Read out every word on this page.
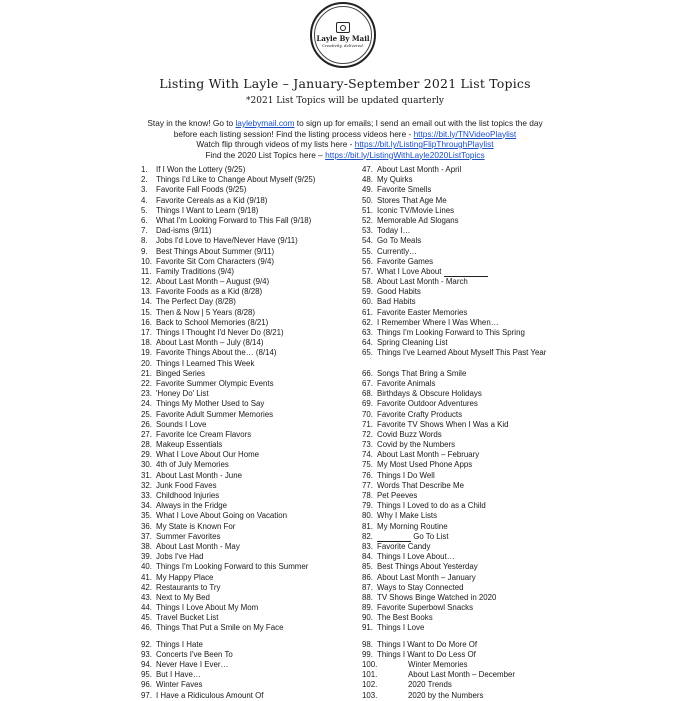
Layle By Mail
Creativity, delivered.
Listing With Layle – January-September 2021 List Topics
*2021 List Topics will be updated quarterly
Stay in the know! Go to laylebymail.com to sign up for emails; I send an email out with the list topics the day
before each listing session! Find the listing process videos here - https://bit.ly/TNVideoPlaylist
Watch flip through videos of my lists here - https://bit.ly/ListingFlipThroughPlaylist
Find the 2020 List Topics here – https://bit.ly/ListingWithLayle2020ListTopics
1.	If I Won the Lottery (9/25)
2.	Things I'd Like to Change About Myself (9/25)
3.	Favorite Fall Foods (9/25)
4.	Favorite Cereals as a Kid (9/18)
5.	Things I Want to Learn (9/18)
6.	What I'm Looking Forward to This Fall (9/18)
7.	Dad-isms (9/11)
8.	Jobs I'd Love to Have/Never Have (9/11)
9.	Best Things About Summer (9/11)
10. Favorite Sit Com Characters (9/4)
11. Family Traditions (9/4)
12. About Last Month – August (9/4)
13. Favorite Foods as a Kid (8/28)
14. The Perfect Day (8/28)
15. Then & Now | 5 Years (8/28)
16. Back to School Memories (8/21)
17. Things I Thought I'd Never Do (8/21)
18. About Last Month – July (8/14)
19. Favorite Things About the… (8/14)
20. Things I Learned This Week
21. Binged Series
22. Favorite Summer Olympic Events
23. 'Honey Do' List
24. Things My Mother Used to Say
25. Favorite Adult Summer Memories
26. Sounds I Love
27. Favorite Ice Cream Flavors
28. Makeup Essentials
29. What I Love About Our Home
30. 4th of July Memories
31. About Last Month - June
32. Junk Food Faves
33. Childhood Injuries
34. Always in the Fridge
35. What I Love About Going on Vacation
36. My State is Known For
37. Summer Favorites
38. About Last Month - May
39. Jobs I've Had
40. Things I'm Looking Forward to this Summer
41. My Happy Place
42. Restaurants to Try
43. Next to My Bed
44. Things I Love About My Mom
45. Travel Bucket List
46. Things That Put a Smile on My Face
92. Things I Hate
93. Concerts I've Been To
94. Never Have I Ever…
95. But I Have…
96. Winter Faves
97. I Have a Ridiculous Amount Of
47. About Last Month - April
48. My Quirks
49. Favorite Smells
50. Stores That Age Me
51. Iconic TV/Movie Lines
52. Memorable Ad Slogans
53. Today I…
54. Go To Meals
55. Currently…
56. Favorite Games
57. What I Love About
58. About Last Month - March
59. Good Habits
60. Bad Habits
61. Favorite Easter Memories
62. I Remember Where I Was When…
63. Things I'm Looking Forward to This Spring
64. Spring Cleaning List
65. Things I've Learned About Myself This Past Year
66. Songs That Bring a Smile
67. Favorite Animals
68. Birthdays & Obscure Holidays
69. Favorite Outdoor Adventures
70. Favorite Crafty Products
71. Favorite TV Shows When I Was a Kid
72. Covid Buzz Words
73. Covid by the Numbers
74. About Last Month – February
75. My Most Used Phone Apps
76. Things I Do Well
77. Words That Describe Me
78. Pet Peeves
79. Things I Loved to do as a Child
80. Why I Make Lists
81. My Morning Routine
82.	Go To List
83. Favorite Candy
84. Things I Love About…
85. Best Things About Yesterday
86. About Last Month – January
87. Ways to Stay Connected
88. TV Shows Binge Watched in 2020
89. Favorite Superbowl Snacks
90. The Best Books
91. Things I Love
98. Things I Want to Do More Of
99. Things I Want to Do Less Of
100.	Winter Memories
101.	About Last Month – December
102.	2020 Trends
103.	2020 by the Numbers
